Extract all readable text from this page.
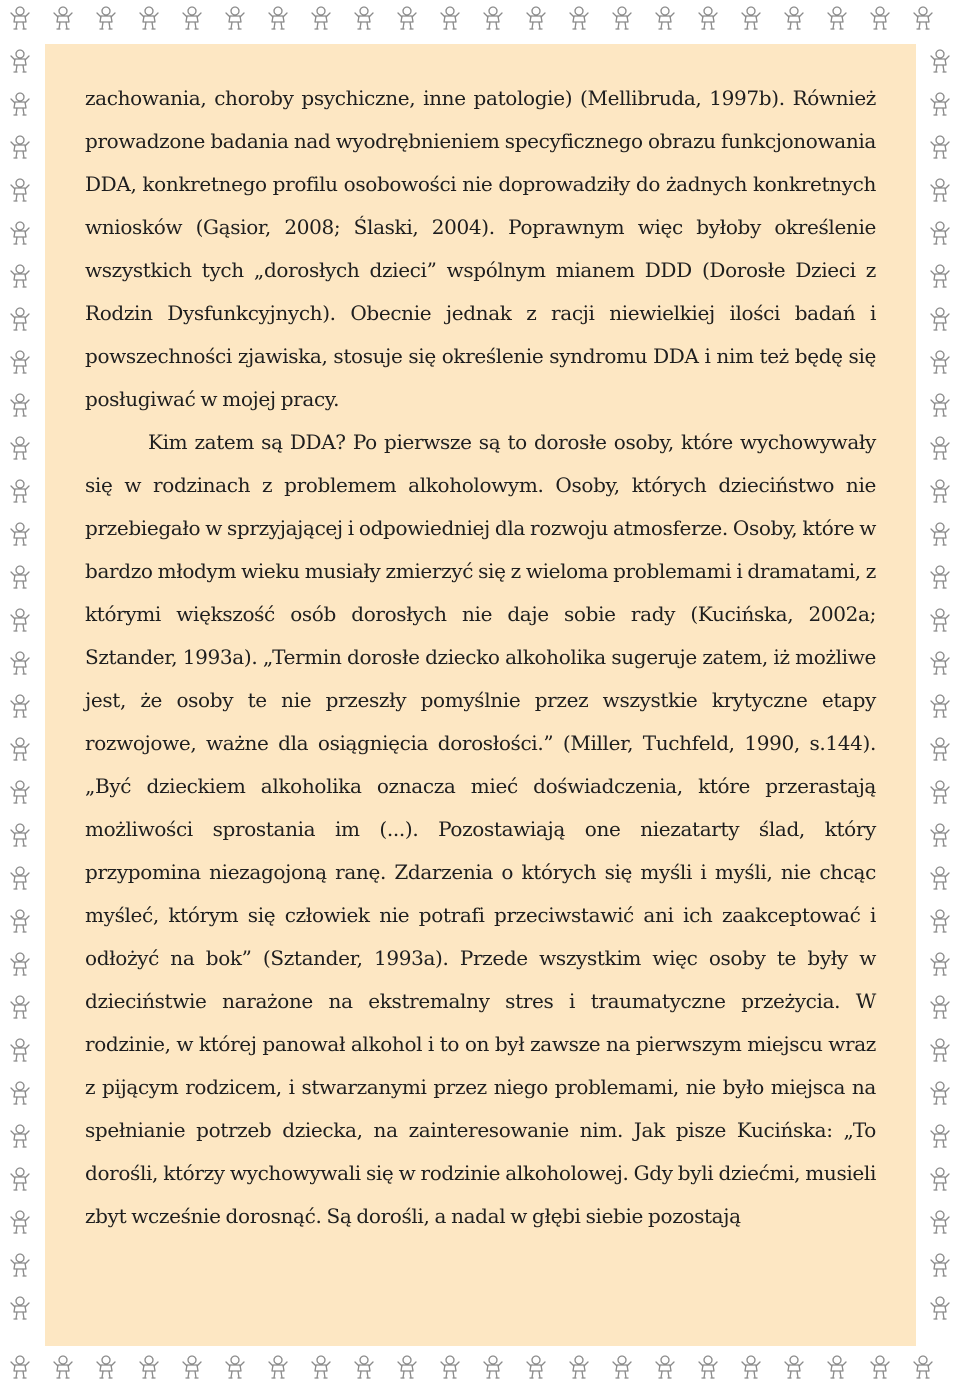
zachowania, choroby psychiczne, inne patologie) (Mellibruda, 1997b). Również prowadzone badania nad wyodrębnieniem specyficznego obrazu funkcjonowania DDA, konkretnego profilu osobowości nie doprowadziły do żadnych konkretnych wniosków (Gąsior, 2008; Ślaski, 2004). Poprawnym więc byłoby określenie wszystkich tych „dorosłych dzieci” wspólnym mianem DDD (Dorosłe Dzieci z Rodzin Dysfunkcyjnych). Obecnie jednak z racji niewielkiej ilości badań i powszechności zjawiska, stosuje się określenie syndromu DDA i nim też będę się posługiwać w mojej pracy.

Kim zatem są DDA? Po pierwsze są to dorosłe osoby, które wychowywały się w rodzinach z problemem alkoholowym. Osoby, których dzieciństwo nie przebiegało w sprzyjającej i odpowiedniej dla rozwoju atmosferze. Osoby, które w bardzo młodym wieku musiały zmierzyć się z wieloma problemami i dramatami, z którymi większość osób dorosłych nie daje sobie rady (Kucińska, 2002a; Sztander, 1993a). „Termin dorosłe dziecko alkoholika sugeruje zatem, iż możliwe jest, że osoby te nie przeszły pomyślnie przez wszystkie krytyczne etapy rozwojowe, ważne dla osiągnięcia dorosłości.” (Miller, Tuchfeld, 1990, s.144). „Być dzieckiem alkoholika oznacza mieć doświadczenia, które przerastają możliwości sprostania im (...). Pozostawiają one niezatarty ślad, który przypomina niezagojoną ranę. Zdarzenia o których się myśli i myśli, nie chcąc myśleć, którym się człowiek nie potrafi przeciwstawić ani ich zaakceptować i odłożyć na bok” (Sztander, 1993a). Przede wszystkim więc osoby te były w dzieciństwie narażone na ekstremalny stres i traumatyczne przeżycia. W rodzinie, w której panował alkohol i to on był zawsze na pierwszym miejscu wraz z pijącym rodzicem, i stwarzanymi przez niego problemami, nie było miejsca na spełnianie potrzeb dziecka, na zainteresowanie nim. Jak pisze Kucińska: „To dorośli, którzy wychowywali się w rodzinie alkoholowej. Gdy byli dziećmi, musieli zbyt wcześnie dorosnąć. Są dorośli, a nadal w głębi siebie pozostają
